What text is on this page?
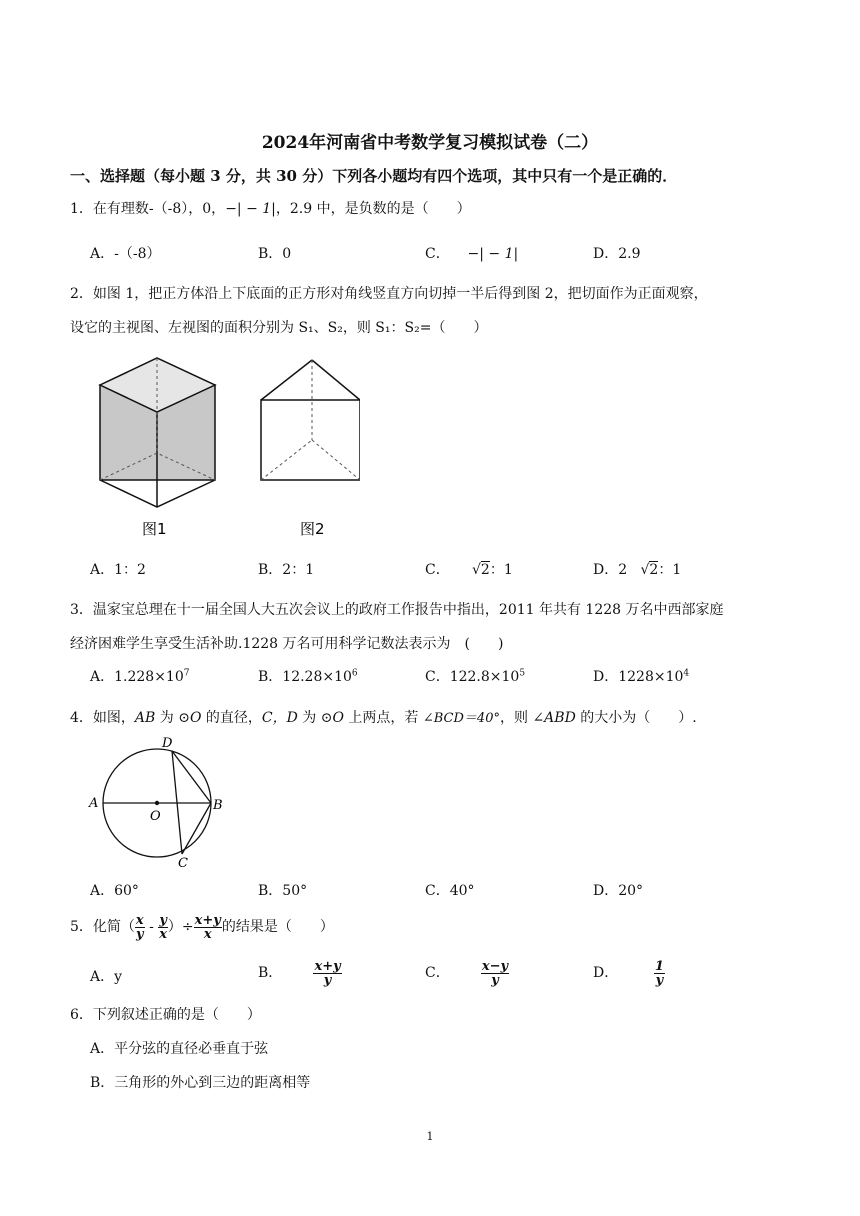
2024年河南省中考数学复习模拟试卷（二）
一、选择题（每小题 3 分，共 30 分）下列各小题均有四个选项，其中只有一个是正确的．
1．在有理数-（-8），0，−| − 1|，2.9 中，是负数的是（　　）
A．-（-8）	B．0	C． −| − 1|	D．2.9
2．如图 1，把正方体沿上下底面的正方形对角线竖直方向切掉一半后得到图 2，把切面作为正面观察，
设它的主视图、左视图的面积分别为 S₁、S₂，则 S₁：S₂=（　　）
图1	图2
A．1：2	B．2：1	C． √2：1	D．2 √2：1
3．温家宝总理在十一届全国人大五次会议上的政府工作报告中指出，2011 年共有 1228 万名中西部家庭
经济困难学生享受生活补助.1228 万名可用科学记数法表示为　(　　)
A．$1.228\times 10^7$	B．$12.28\times 10^6$	C．$122.8\times 10^5$	D．$1228\times 10^4$
4．如图，AB 为 ⊙O 的直径，C，D 为 ⊙O 上两点，若 ∠BCD＝40°，则 ∠ABD 的大小为（　　）.
A	B
C
D
O
A．60°	B．50°	C．40°	D．20°
5．化简（ $\frac{x}{y} - \frac{y}{x}$ ）÷ $\frac{x+y}{x}$ 的结果是（　　）
A．y	B． $\frac{x+y}{y}$	C． $\frac{x-y}{y}$	D．	$\frac{1}{y}$
6．下列叙述正确的是（　　）
A．平分弦的直径必垂直于弦
B．三角形的外心到三边的距离相等
1
